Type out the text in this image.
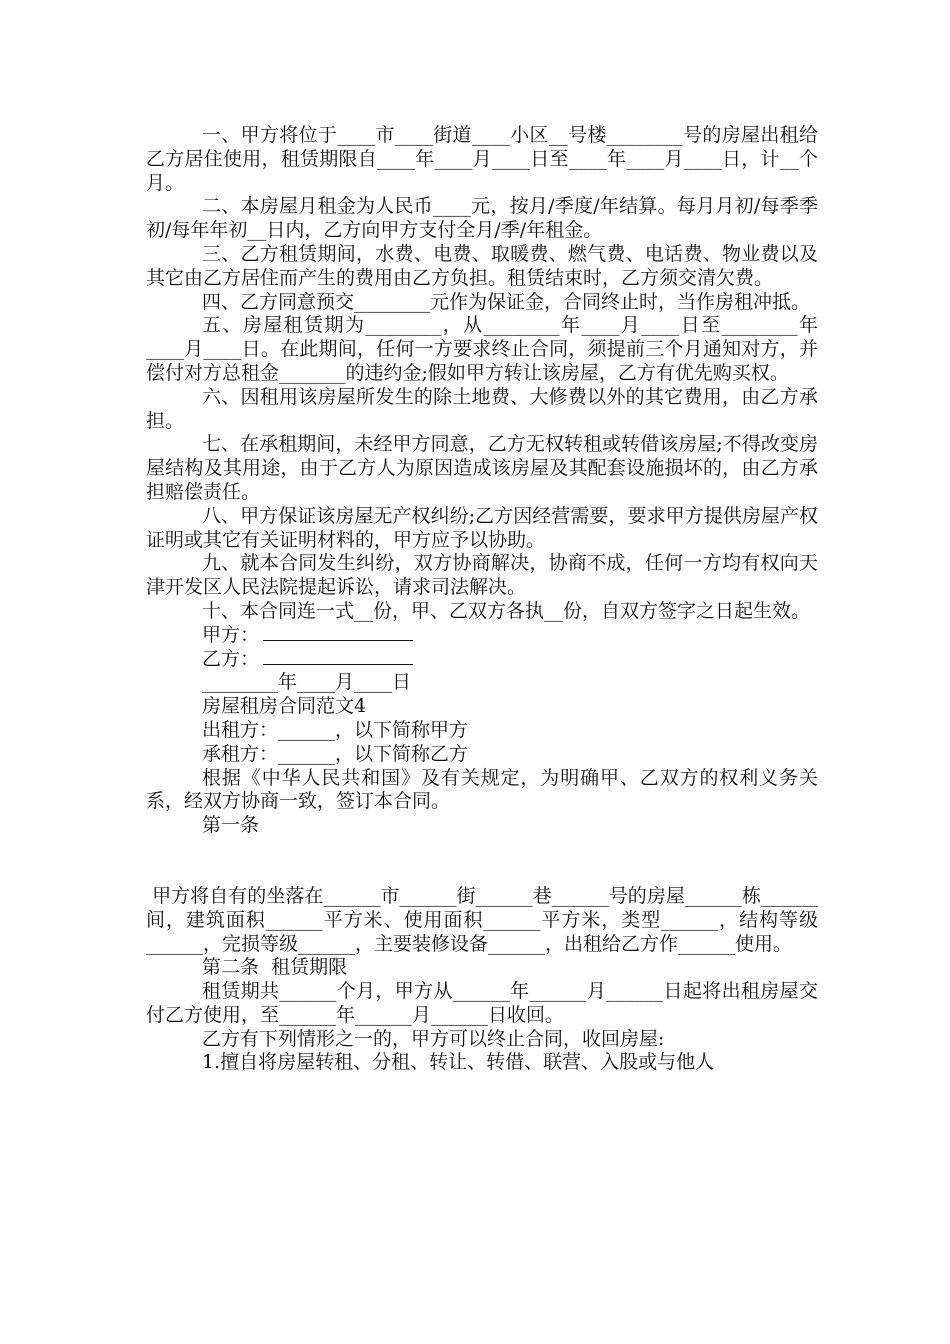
一、甲方将位于____市____街道____小区__号楼________号的房屋出租给乙方居住使用，租赁期限自____年____月____日至____年____月____日，计__个月。

二、本房屋月租金为人民币____元，按月/季度/年结算。每月月初/每季季初/每年年初__日内，乙方向甲方支付全月/季/年租金。

三、乙方租赁期间，水费、电费、取暖费、燃气费、电话费、物业费以及其它由乙方居住而产生的费用由乙方负担。租赁结束时，乙方须交清欠费。

四、乙方同意预交________元作为保证金，合同终止时，当作房租冲抵。

五、房屋租赁期为________，从________年____月____日至________年____月____日。在此期间，任何一方要求终止合同，须提前三个月通知对方，并偿付对方总租金_______的违约金;假如甲方转让该房屋，乙方有优先购买权。

六、因租用该房屋所发生的除土地费、大修费以外的其它费用，由乙方承担。

七、在承租期间，未经甲方同意，乙方无权转租或转借该房屋;不得改变房屋结构及其用途，由于乙方人为原因造成该房屋及其配套设施损坏的，由乙方承担赔偿责任。

八、甲方保证该房屋无产权纠纷;乙方因经营需要，要求甲方提供房屋产权证明或其它有关证明材料的，甲方应予以协助。

九、就本合同发生纠纷，双方协商解决，协商不成，任何一方均有权向天津开发区人民法院提起诉讼，请求司法解决。

十、本合同连一式__份，甲、乙双方各执__份，自双方签字之日起生效。

甲方：

乙方：

________年____月____日

房屋租房合同范文4

出租方：______，以下简称甲方

承租方：______，以下简称乙方

根据《中华人民共和国》及有关规定，为明确甲、乙双方的权利义务关系，经双方协商一致，签订本合同。

第一条

甲方将自有的坐落在______市______街______巷______号的房屋______栋______间，建筑面积______平方米、使用面积______平方米，类型______，结构等级______，完损等级______，主要装修设备______，出租给乙方作______使用。

第二条  租赁期限

租赁期共______个月，甲方从______年______月______日起将出租房屋交付乙方使用，至______年______月______日收回。

乙方有下列情形之一的，甲方可以终止合同，收回房屋:

1.擅自将房屋转租、分租、转让、转借、联营、入股或与他人
